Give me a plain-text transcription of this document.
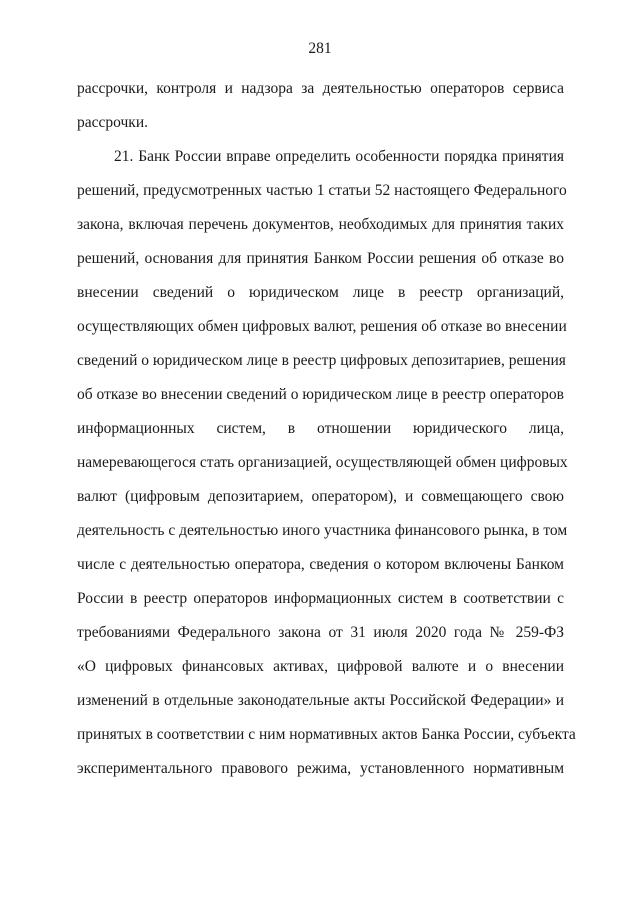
281
рассрочки, контроля и надзора за деятельностью операторов сервиса
рассрочки.
21. Банк России вправе определить особенности порядка принятия
решений, предусмотренных частью 1 статьи 52 настоящего Федерального
закона, включая перечень документов, необходимых для принятия таких
решений, основания для принятия Банком России решения об отказе во
внесении сведений о юридическом лице в реестр организаций,
осуществляющих обмен цифровых валют, решения об отказе во внесении
сведений о юридическом лице в реестр цифровых депозитариев, решения
об отказе во внесении сведений о юридическом лице в реестр операторов
информационных систем, в отношении юридического лица,
намеревающегося стать организацией, осуществляющей обмен цифровых
валют (цифровым депозитарием, оператором), и совмещающего свою
деятельность с деятельностью иного участника финансового рынка, в том
числе с деятельностью оператора, сведения о котором включены Банком
России в реестр операторов информационных систем в соответствии с
требованиями Федерального закона от 31 июля 2020 года № 259-ФЗ
«О цифровых финансовых активах, цифровой валюте и о внесении
изменений в отдельные законодательные акты Российской Федерации» и
принятых в соответствии с ним нормативных актов Банка России, субъекта
экспериментального правового режима, установленного нормативным
